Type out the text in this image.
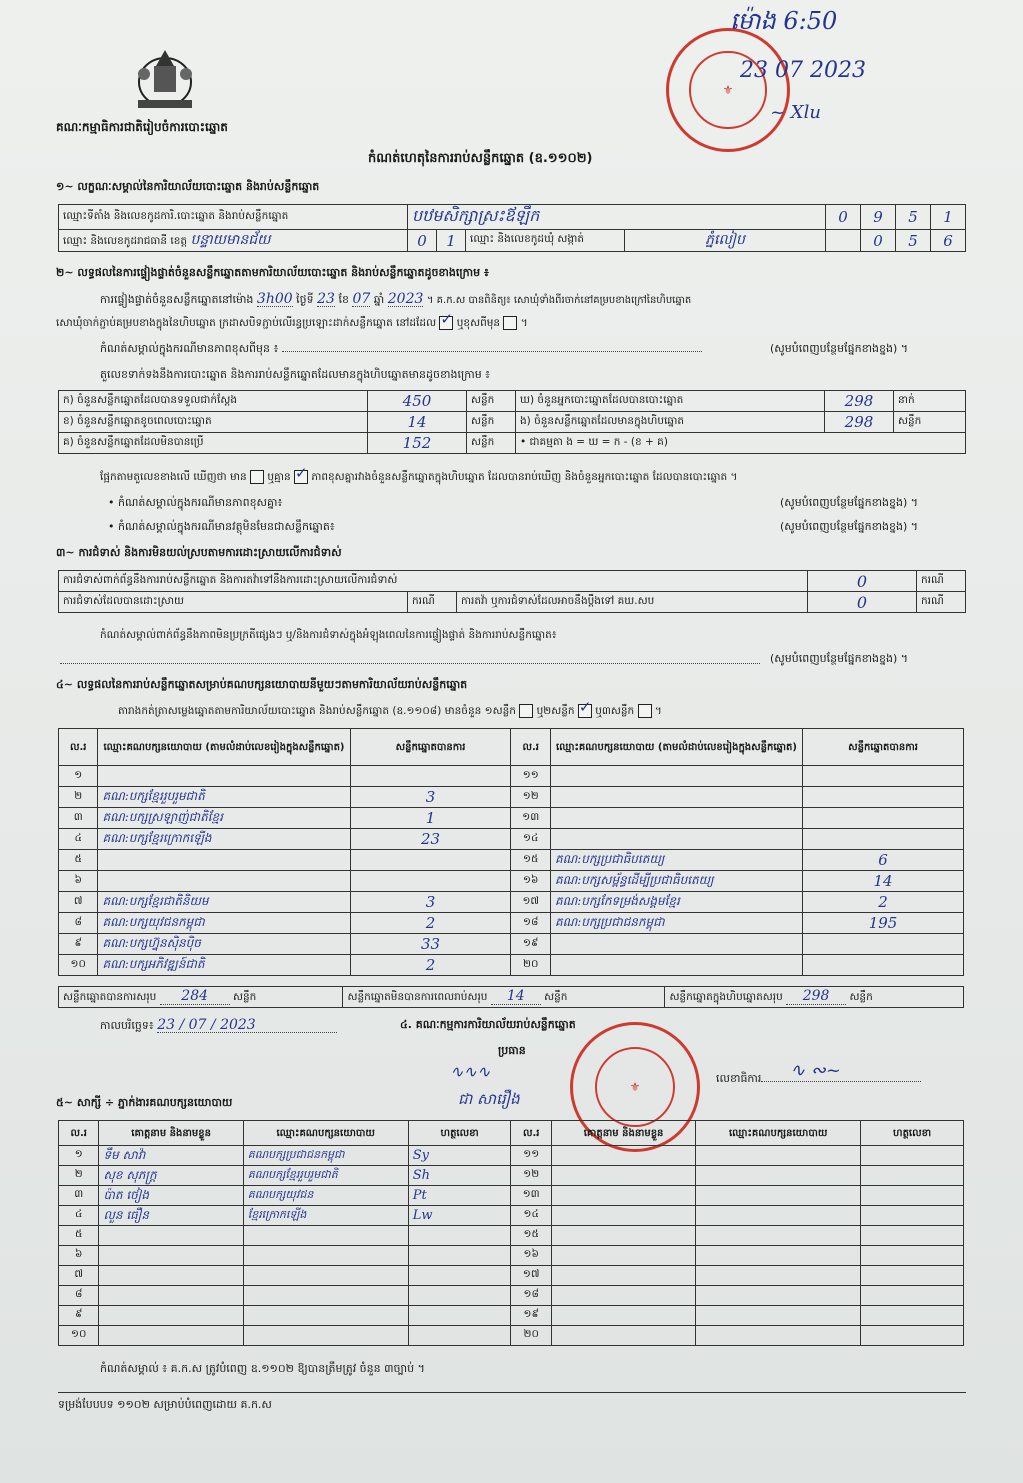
គណៈកម្មាធិការជាតិរៀបចំការបោះឆ្នោត
⚜
ម៉ោង 6:50
23 07 2023
~ Xlu
កំណត់ហេតុនៃការរាប់សន្លឹកឆ្នោត (ឧ.១១០២)
១~ លក្ខណៈសម្គាល់នៃការិយាល័យបោះឆ្នោត និងរាប់សន្លឹកឆ្នោត
ឈ្មោះទីតាំង និងលេខកូដការិ.បោះឆ្នោត និងរាប់សន្លឹកឆ្នោត	បឋមសិក្សាស្រះឪឡឹក				0	9	5	1
ឈ្មោះ និងលេខកូដរាជធានី ខេត្ត បន្ទាយមានជ័យ	0	1	ឈ្មោះ និងលេខកូដឃុំ សង្កាត់	ភ្នំលៀប		0	5	6
២~ លទ្ធផលនៃការផ្ទៀងផ្ទាត់ចំនួនសន្លឹកឆ្នោតតាមការិយាល័យបោះឆ្នោត និងរាប់សន្លឹកឆ្នោតដូចខាងក្រោម ៖
ការផ្ទៀងផ្ទាត់ចំនួនសន្លឹកឆ្នោតនៅម៉ោង 3h00 ថ្ងៃទី 23 ខែ 07 ឆ្នាំ 2023 ។ គ.ក.ស បានពិនិត្យ៖ សោឃុំទាំងពីរចាក់នៅគម្របខាងក្រៅនៃហិបឆ្នោត
សោឃុំចាក់ភ្ជាប់គម្របខាងក្នុងនៃហិបឆ្នោត ក្រដាសបិទភ្ជាប់លើរន្ធប្រឡោះដាក់សន្លឹកឆ្នោត នៅដដែល ✓ ឬខុសពីមុន  ។
កំណត់សម្គាល់ក្នុងករណីមានភាពខុសពីមុន ៖	(សូមបំពេញបន្ថែមផ្នែកខាងខ្នង) ។
តួលេខទាក់ទងនឹងការបោះឆ្នោត និងការរាប់សន្លឹកឆ្នោតដែលមានក្នុងហិបឆ្នោតមានដូចខាងក្រោម ៖
ក) ចំនួនសន្លឹកឆ្នោតដែលបានទទួលជាក់ស្តែង	450	សន្លឹក	ឃ) ចំនួនអ្នកបោះឆ្នោតដែលបានបោះឆ្នោត	298	នាក់
ខ) ចំនួនសន្លឹកឆ្នោតខូចពេលបោះឆ្នោត	14	សន្លឹក	ង) ចំនួនសន្លឹកឆ្នោតដែលមានក្នុងហិបឆ្នោត	298	សន្លឹក
គ) ចំនួនសន្លឹកឆ្នោតដែលមិនបានប្រើ	152	សន្លឹក	• ជាគម្មតា ង = ឃ = ក - (ខ + គ)		
ផ្អែកតាមតួលេខខាងលើ ឃើញថា មាន ឬគ្មាន ✓ ភាពខុសគ្នារវាងចំនួនសន្លឹកឆ្នោតក្នុងហិបឆ្នោត ដែលបានរាប់ឃើញ និងចំនួនអ្នកបោះឆ្នោត ដែលបានបោះឆ្នោត ។
• កំណត់សម្គាល់ក្នុងករណីមានភាពខុសគ្នា៖	(សូមបំពេញបន្ថែមផ្នែកខាងខ្នង) ។
• កំណត់សម្គាល់ក្នុងករណីមានវត្ថុមិនមែនជាសន្លឹកឆ្នោត៖	(សូមបំពេញបន្ថែមផ្នែកខាងខ្នង) ។
៣~ ការជំទាស់ និងការមិនយល់ស្របតាមការដោះស្រាយលើការជំទាស់
ការជំទាស់ពាក់ព័ន្ធនឹងការរាប់សន្លឹកឆ្នោត និងការតវ៉ាទៅនឹងការដោះស្រាយលើការជំទាស់			0	ករណី
ការជំទាស់ដែលបានដោះស្រាយ	ករណី	ការតវ៉ា ឬការជំទាស់ដែលអាចនឹងប្តឹងទៅ គឃ.សប	0	ករណី
កំណត់សម្គាល់ពាក់ព័ន្ធនឹងភាពមិនប្រក្រតីផ្សេងៗ ឬ/និងការជំទាស់ក្នុងអំឡុងពេលនៃការផ្ទៀងផ្ទាត់ និងការរាប់សន្លឹកឆ្នោត៖
(សូមបំពេញបន្ថែមផ្នែកខាងខ្នង) ។
៤~ លទ្ធផលនៃការរាប់សន្លឹកឆ្នោតសម្រាប់គណបក្សនយោបាយនីមួយៗតាមការិយាល័យរាប់សន្លឹកឆ្នោត
តារាងកត់ត្រាសម្លេងឆ្នោតតាមការិយាល័យបោះឆ្នោត និងរាប់សន្លឹកឆ្នោត (ឧ.១១០៨) មានចំនួន ១សន្លឹក ឬ២សន្លឹក ✓ ឬ៣សន្លឹក  ។
ល.រ	ឈ្មោះគណបក្សនយោបាយ (តាមលំដាប់លេខរៀងក្នុងសន្លឹកឆ្នោត)	សន្លឹកឆ្នោតបានការ	ល.រ	ឈ្មោះគណបក្សនយោបាយ (តាមលំដាប់លេខរៀងក្នុងសន្លឹកឆ្នោត)	សន្លឹកឆ្នោតបានការ
១			១១		
២	គណ:បក្សខ្មែររួបរួមជាតិ	3	១២		
៣	គណ:បក្សស្រឡាញ់ជាតិខ្មែរ	1	១៣		
៤	គណ:បក្សខ្មែរក្រោកឡើង	23	១៤		
៥			១៥	គណ:បក្សប្រជាធិបតេយ្យ	6
៦			១៦	គណ:បក្សសម្ព័ន្ធដើម្បីប្រជាធិបតេយ្យ	14
៧	គណ:បក្សខ្មែរជាតិនិយម	3	១៧	គណ:បក្សកែទម្រង់សង្គមខ្មែរ	2
៨	គណ:បក្សយុវជនកម្ពុជា	2	១៨	គណ:បក្សប្រជាជនកម្ពុជា	195
៩	គណ:បក្សហ្វ៊ុនស៊ិនប៉ិច	33	១៩		
១០	គណ:បក្សអភិវឌ្ឍន៍ជាតិ	2	២០		
សន្លឹកឆ្នោតបានការសរុប 284 សន្លឹក	សន្លឹកឆ្នោតមិនបានការពេលរាប់សរុប 14 សន្លឹក	សន្លឹកឆ្នោតក្នុងហិបឆ្នោតសរុប 298 សន្លឹក
កាលបរិច្ឆេទ៖ 23 / 07 / 2023	៤. គណៈកម្មការការិយាល័យរាប់សន្លឹកឆ្នោត
ប្រធាន
∿∿∿
ជា សារឿង
⚜
លេខាធិការ	∿ ∾~
៥~ សាក្សី ÷ ភ្នាក់ងារគណបក្សនយោបាយ
ល.រ	គោត្តនាម និងនាមខ្លួន	ឈ្មោះគណបក្សនយោបាយ	ហត្ថលេខា	ល.រ	គោត្តនាម និងនាមខ្លួន	ឈ្មោះគណបក្សនយោបាយ	ហត្ថលេខា
១	ទឹម សាវ៉ា	គណបក្សប្រជាជនកម្ពុជា	Sy	១១			
២	សុខ សុភក្ត្រ	គណបក្សខ្មែររួបរួមជាតិ	Sh	១២			
៣	ប៉ាត ថៀង	គណបក្សយុវជន	Pt	១៣			
៤	លួន ធឿន	ខ្មែរក្រោកឡើង	Lw	១៤			
៥				១៥			
៦				១៦			
៧				១៧			
៨				១៨			
៩				១៩			
១០				២០			
កំណត់សម្គាល់ ៖ គ.ក.ស ត្រូវបំពេញ ឧ.១១០២ ឱ្យបានត្រឹមត្រូវ ចំនួន ៣ច្បាប់ ។
ទម្រង់បែបបទ ១១០២ សម្រាប់បំពេញដោយ គ.ក.ស
